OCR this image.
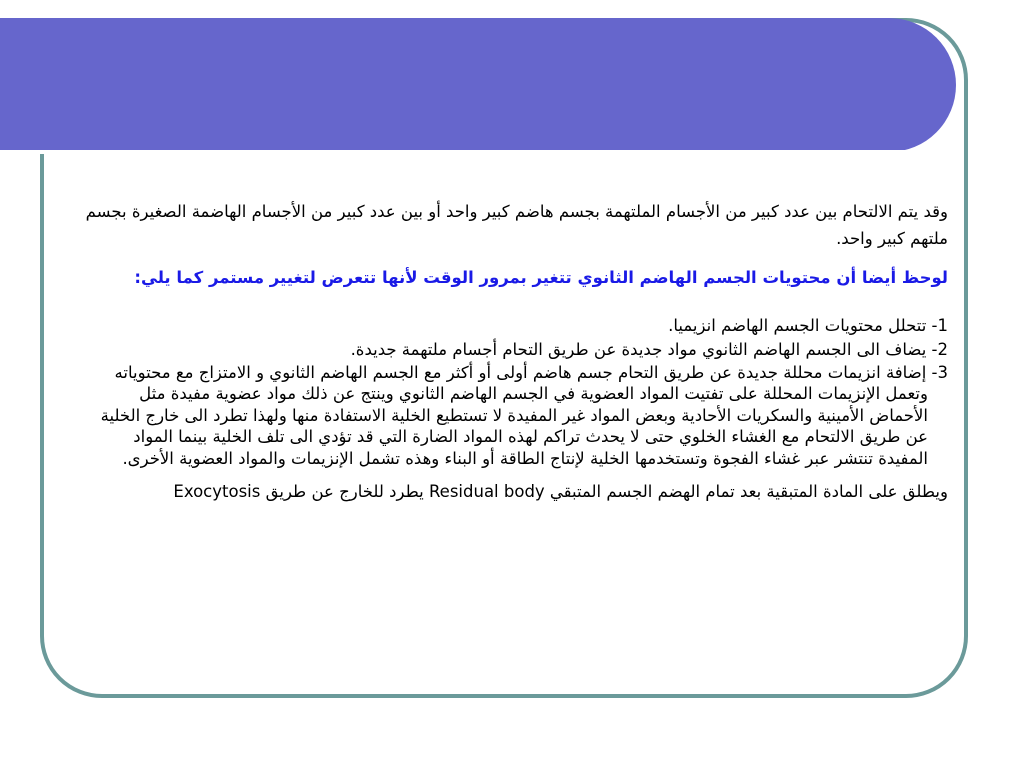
وقد يتم الالتحام بين عدد كبير من الأجسام الملتهمة بجسم هاضم كبير واحد أو بين عدد كبير من الأجسام الهاضمة الصغيرة بجسم ملتهم كبير واحد.

لوحظ أيضا أن محتويات الجسم الهاضم الثانوي تتغير بمرور الوقت لأنها تتعرض لتغيير مستمر كما يلي:

1- تتحلل محتويات الجسم الهاضم انزيميا.

2- يضاف الى الجسم الهاضم الثانوي مواد جديدة عن طريق التحام أجسام ملتهمة جديدة.

3- إضافة انزيمات محللة جديدة عن طريق التحام جسم هاضم أولى أو أكثر مع الجسم الهاضم الثانوي و الامتزاج مع محتوياته وتعمل الإنزيمات المحللة على تفتيت المواد العضوية في الجسم الهاضم الثانوي وينتج عن ذلك مواد عضوية مفيدة مثل الأحماض الأمينية والسكريات الأحادية وبعض المواد غير المفيدة لا تستطيع الخلية الاستفادة منها ولهذا تطرد الى خارج الخلية عن طريق الالتحام مع الغشاء الخلوي حتى لا يحدث تراكم لهذه المواد الضارة التي قد تؤدي الى تلف الخلية بينما المواد المفيدة تنتشر عبر غشاء الفجوة وتستخدمها الخلية لإنتاج الطاقة أو البناء وهذه تشمل الإنزيمات والمواد العضوية الأخرى.

ويطلق على المادة المتبقية بعد تمام الهضم الجسم المتبقي Residual body يطرد للخارج عن طريق Exocytosis
